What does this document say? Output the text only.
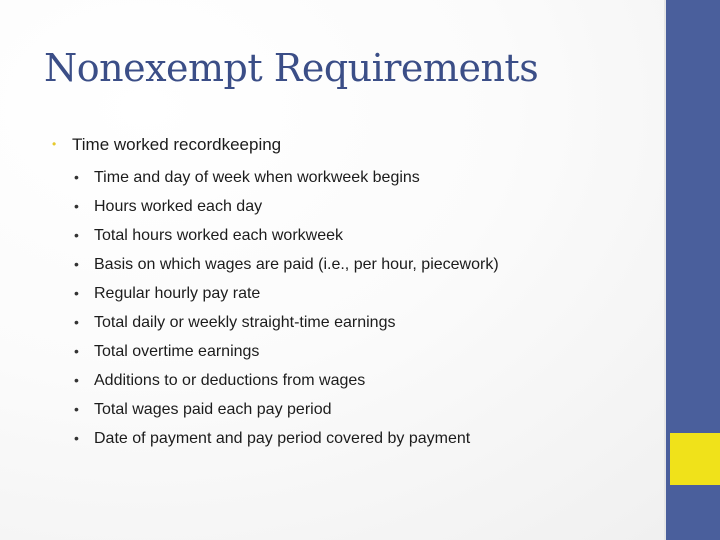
Nonexempt Requirements
• Time worked recordkeeping
• Time and day of week when workweek begins
• Hours worked each day
• Total hours worked each workweek
• Basis on which wages are paid (i.e., per hour, piecework)
• Regular hourly pay rate
• Total daily or weekly straight-time earnings
• Total overtime earnings
• Additions to or deductions from wages
• Total wages paid each pay period
• Date of payment and pay period covered by payment
